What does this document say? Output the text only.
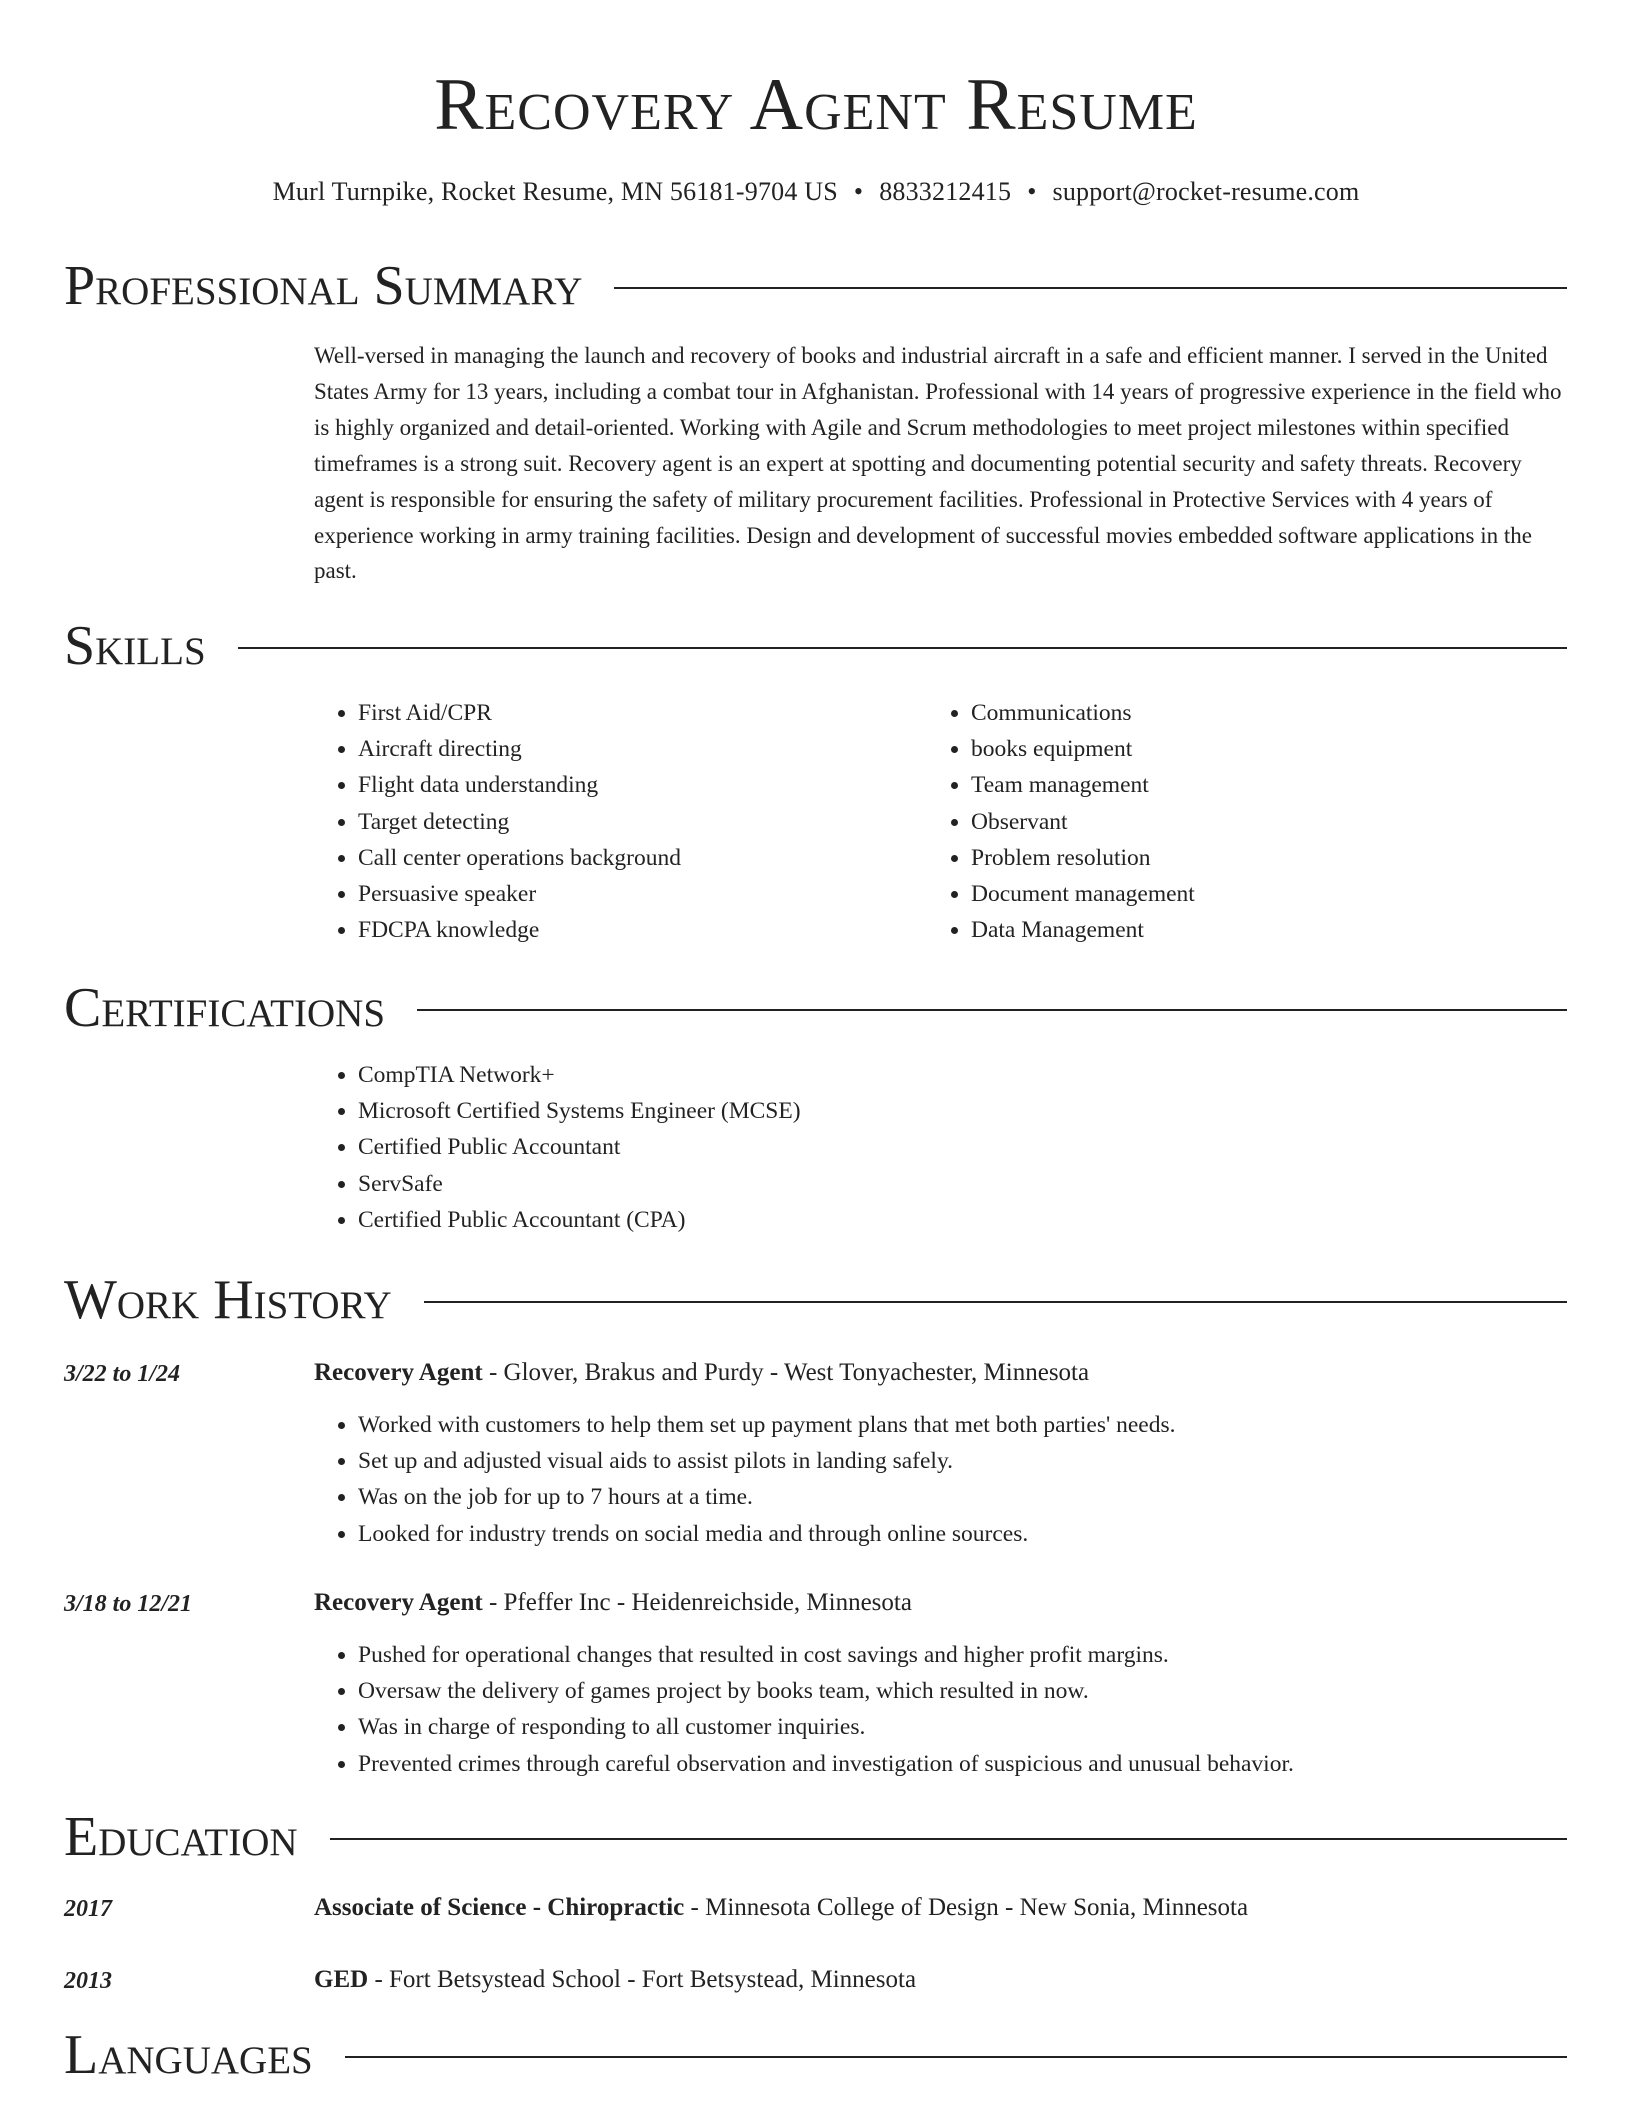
Recovery Agent Resume
Murl Turnpike, Rocket Resume, MN 56181-9704 US • 8833212415 • support@rocket-resume.com
Professional Summary

Well-versed in managing the launch and recovery of books and industrial aircraft in a safe and efficient manner. I served in the United States Army for 13 years, including a combat tour in Afghanistan. Professional with 14 years of progressive experience in the field who is highly organized and detail-oriented. Working with Agile and Scrum methodologies to meet project milestones within specified timeframes is a strong suit. Recovery agent is an expert at spotting and documenting potential security and safety threats. Recovery agent is responsible for ensuring the safety of military procurement facilities. Professional in Protective Services with 4 years of experience working in army training facilities. Design and development of successful movies embedded software applications in the past.

Skills
• First Aid/CPR
• Aircraft directing
• Flight data understanding
• Target detecting
• Call center operations background
• Persuasive speaker
• FDCPA knowledge
• Communications
• books equipment
• Team management
• Observant
• Problem resolution
• Document management
• Data Management
Certifications
• CompTIA Network+
• Microsoft Certified Systems Engineer (MCSE)
• Certified Public Accountant
• ServSafe
• Certified Public Accountant (CPA)
Work History
3/22 to 1/24	Recovery Agent - Glover, Brakus and Purdy - West Tonyachester, Minnesota
• Worked with customers to help them set up payment plans that met both parties' needs.
• Set up and adjusted visual aids to assist pilots in landing safely.
• Was on the job for up to 7 hours at a time.
• Looked for industry trends on social media and through online sources.
3/18 to 12/21	Recovery Agent - Pfeffer Inc - Heidenreichside, Minnesota
• Pushed for operational changes that resulted in cost savings and higher profit margins.
• Oversaw the delivery of games project by books team, which resulted in now.
• Was in charge of responding to all customer inquiries.
• Prevented crimes through careful observation and investigation of suspicious and unusual behavior.
Education
2017	Associate of Science - Chiropractic - Minnesota College of Design - New Sonia, Minnesota
2013	GED - Fort Betsystead School - Fort Betsystead, Minnesota
Languages
